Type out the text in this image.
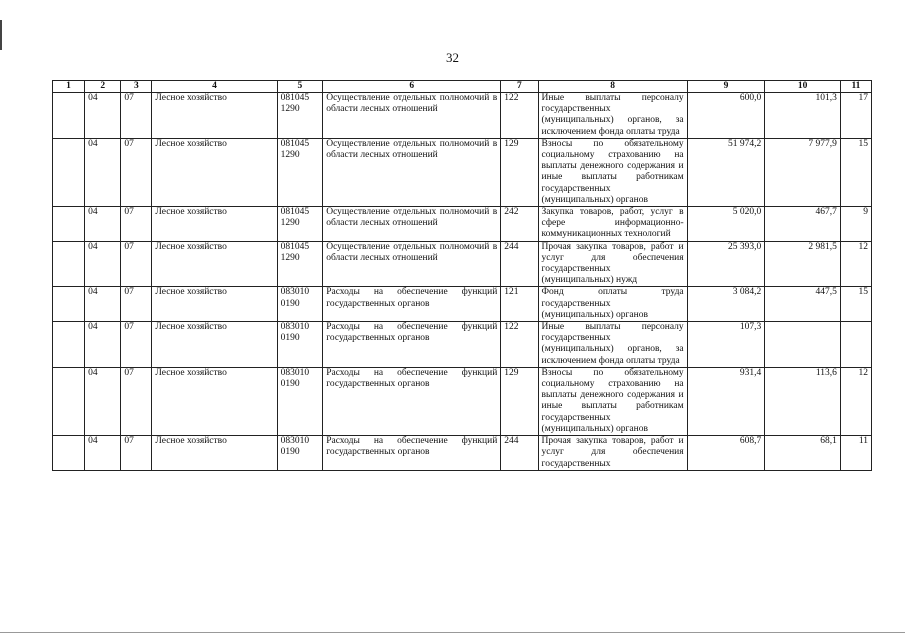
32
1	2	3	4	5	6	7	8	9	10	11
	04	07	Лесное хозяйство	081045 1290	Осуществление отдельных полномочий в области лесных отношений	122	Иные выплаты персоналу государственных (муниципальных) органов, за исключением фонда оплаты труда	600,0	101,3	17
	04	07	Лесное хозяйство	081045 1290	Осуществление отдельных полномочий в области лесных отношений	129	Взносы по обязательному социальному страхованию на выплаты денежного содержания и иные выплаты работникам государственных (муниципальных) органов	51 974,2	7 977,9	15
	04	07	Лесное хозяйство	081045 1290	Осуществление отдельных полномочий в области лесных отношений	242	Закупка товаров, работ, услуг в сфере информационно-коммуникационных технологий	5 020,0	467,7	9
	04	07	Лесное хозяйство	081045 1290	Осуществление отдельных полномочий в области лесных отношений	244	Прочая закупка товаров, работ и услуг для обеспечения государственных (муниципальных) нужд	25 393,0	2 981,5	12
	04	07	Лесное хозяйство	083010 0190	Расходы на обеспечение функций государственных органов	121	Фонд оплаты труда государственных (муниципальных) органов	3 084,2	447,5	15
	04	07	Лесное хозяйство	083010 0190	Расходы на обеспечение функций государственных органов	122	Иные выплаты персоналу государственных (муниципальных) органов, за исключением фонда оплаты труда	107,3		
	04	07	Лесное хозяйство	083010 0190	Расходы на обеспечение функций государственных органов	129	Взносы по обязательному социальному страхованию на выплаты денежного содержания и иные выплаты работникам государственных (муниципальных) органов	931,4	113,6	12
	04	07	Лесное хозяйство	083010 0190	Расходы на обеспечение функций государственных органов	244	Прочая закупка товаров, работ и услуг для обеспечения государственных	608,7	68,1	11
